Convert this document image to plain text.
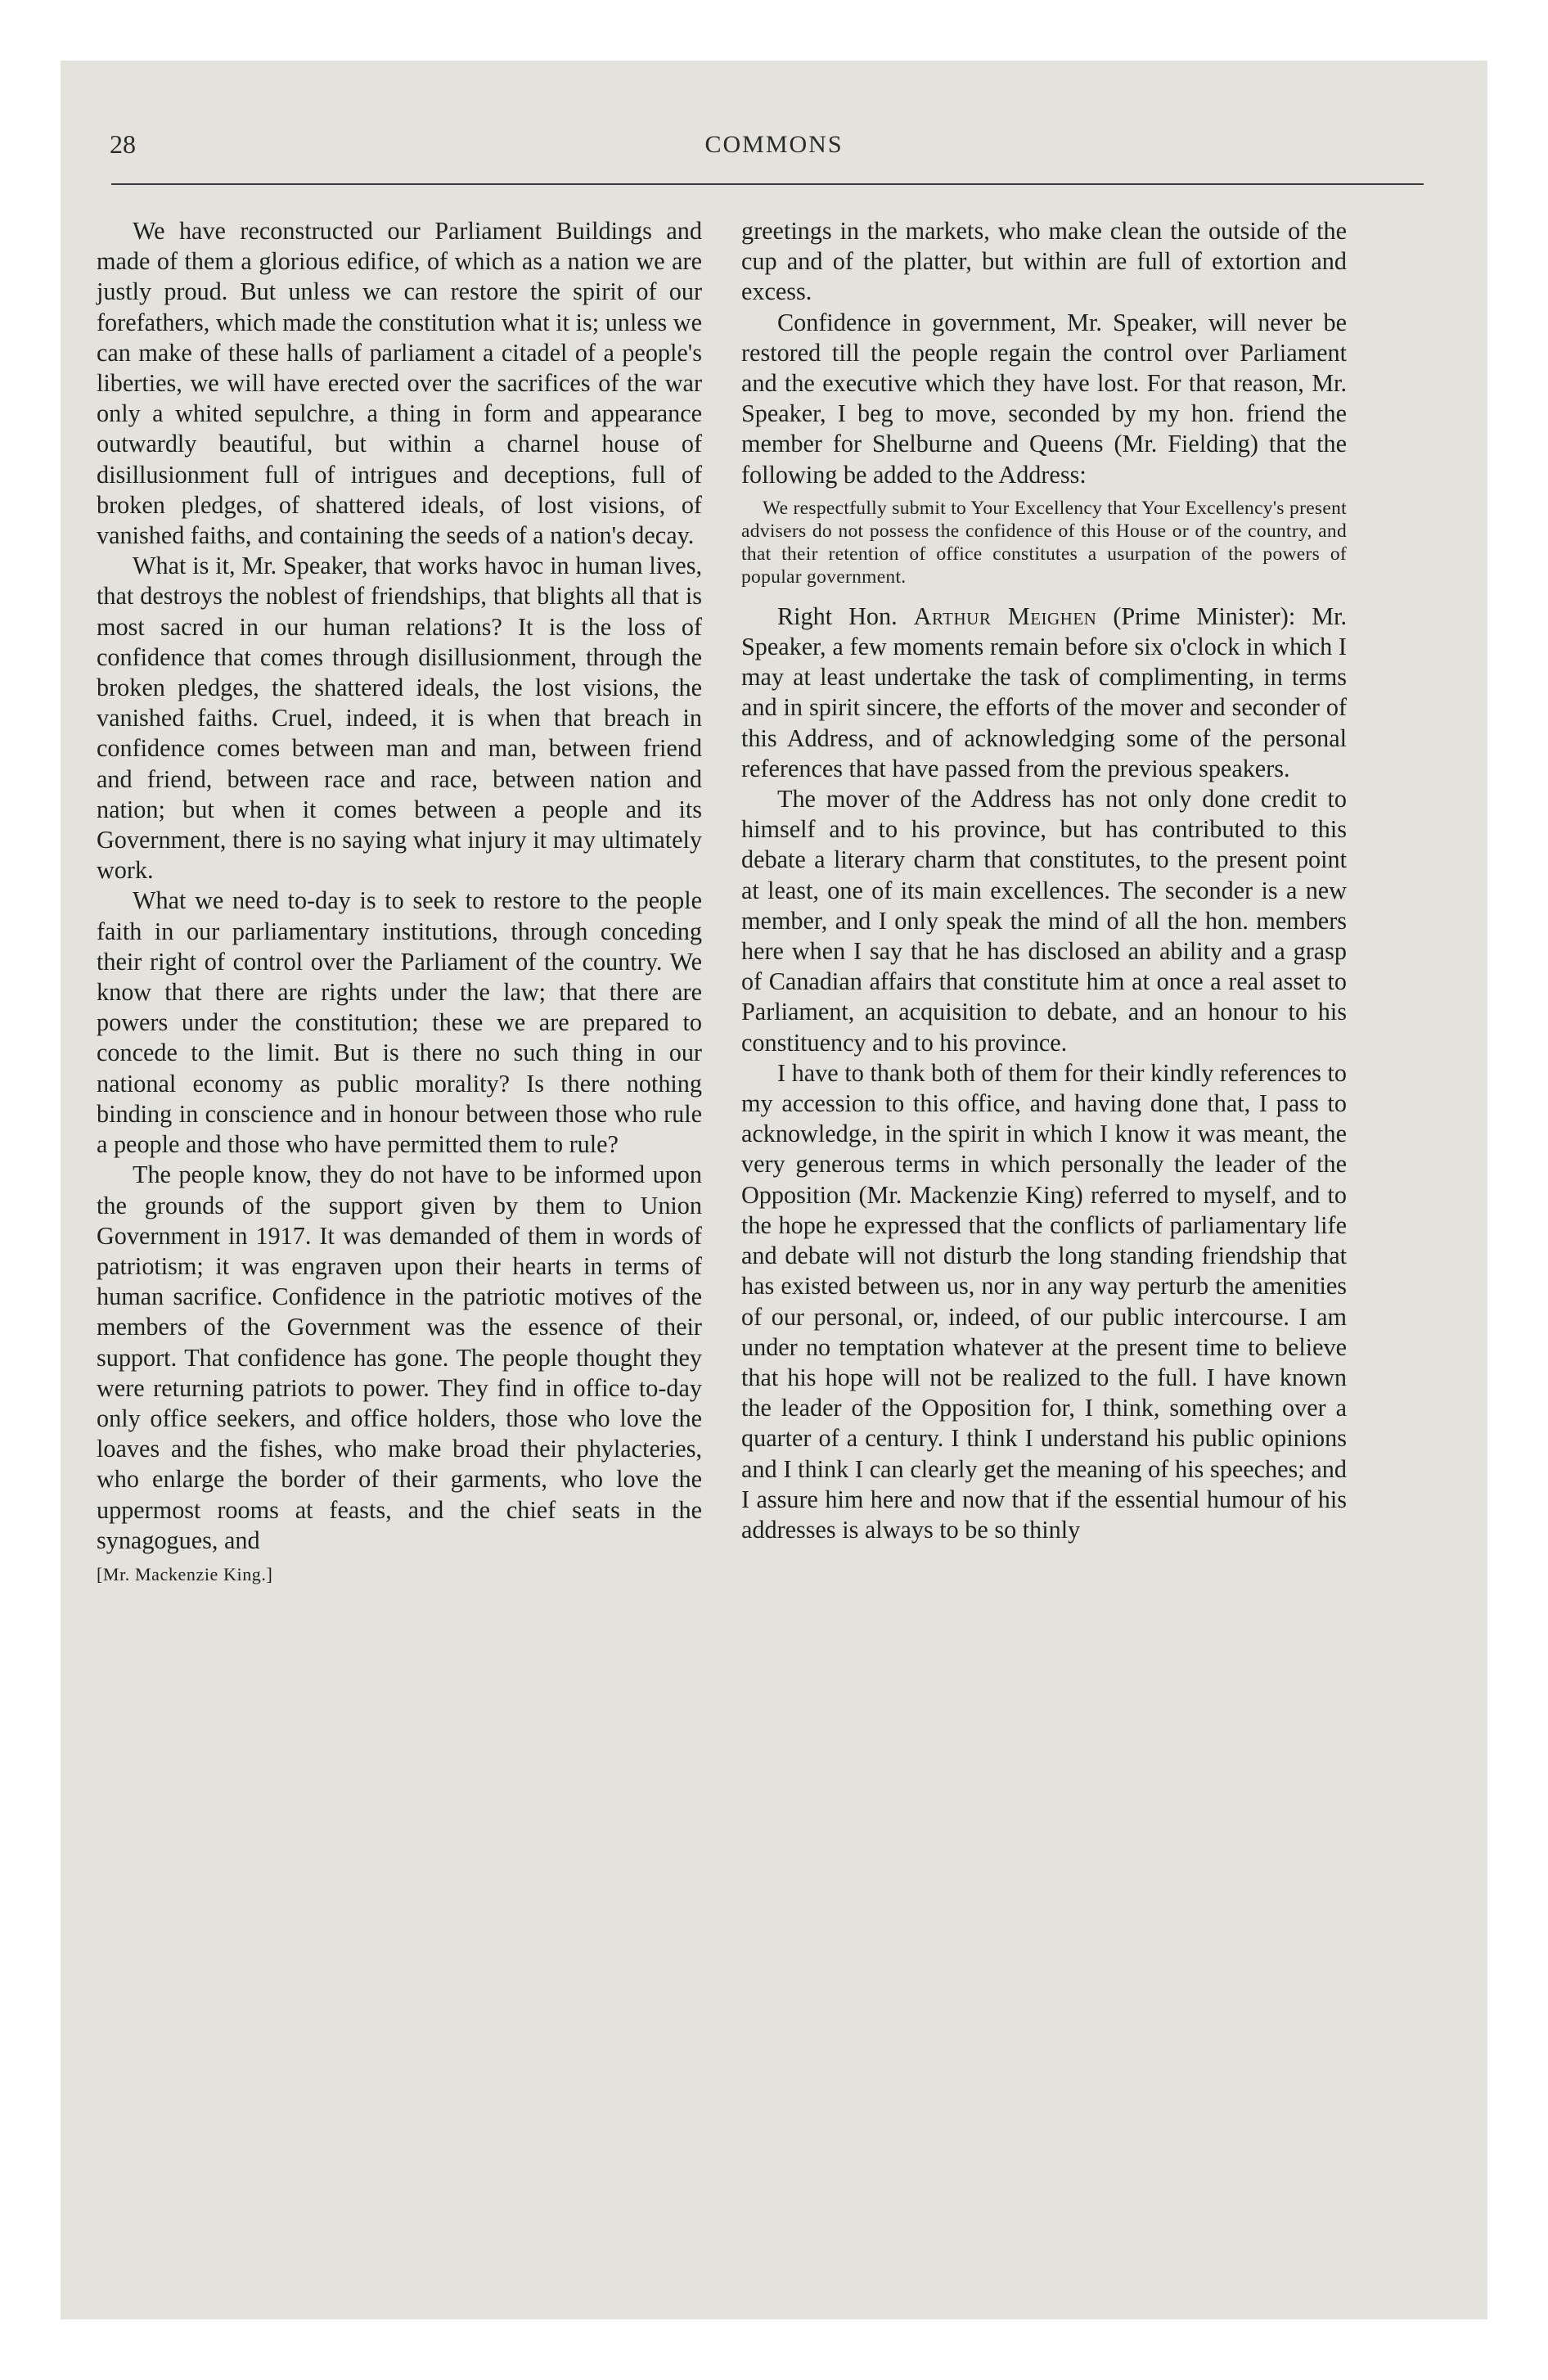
28	COMMONS

We have reconstructed our Parliament Buildings and made of them a glorious edifice, of which as a nation we are justly proud. But unless we can restore the spirit of our forefathers, which made the constitution what it is; unless we can make of these halls of parliament a citadel of a people's liberties, we will have erected over the sacrifices of the war only a whited sepulchre, a thing in form and appearance outwardly beautiful, but within a charnel house of disillusionment full of intrigues and deceptions, full of broken pledges, of shattered ideals, of lost visions, of vanished faiths, and containing the seeds of a nation's decay.

What is it, Mr. Speaker, that works havoc in human lives, that destroys the noblest of friendships, that blights all that is most sacred in our human relations? It is the loss of confidence that comes through disillusionment, through the broken pledges, the shattered ideals, the lost visions, the vanished faiths. Cruel, indeed, it is when that breach in confidence comes between man and man, between friend and friend, between race and race, between nation and nation; but when it comes between a people and its Government, there is no saying what injury it may ultimately work.

What we need to-day is to seek to restore to the people faith in our parliamentary institutions, through conceding their right of control over the Parliament of the country. We know that there are rights under the law; that there are powers under the constitution; these we are prepared to concede to the limit. But is there no such thing in our national economy as public morality? Is there nothing binding in conscience and in honour between those who rule a people and those who have permitted them to rule?

The people know, they do not have to be informed upon the grounds of the support given by them to Union Government in 1917. It was demanded of them in words of patriotism; it was engraven upon their hearts in terms of human sacrifice. Confidence in the patriotic motives of the members of the Government was the essence of their support. That confidence has gone. The people thought they were returning patriots to power. They find in office to-day only office seekers, and office holders, those who love the loaves and the fishes, who make broad their phylacteries, who enlarge the border of their garments, who love the uppermost rooms at feasts, and the chief seats in the synagogues, and

[Mr. Mackenzie King.]

greetings in the markets, who make clean the outside of the cup and of the platter, but within are full of extortion and excess.

Confidence in government, Mr. Speaker, will never be restored till the people regain the control over Parliament and the executive which they have lost. For that reason, Mr. Speaker, I beg to move, seconded by my hon. friend the member for Shelburne and Queens (Mr. Fielding) that the following be added to the Address:

We respectfully submit to Your Excellency that Your Excellency's present advisers do not possess the confidence of this House or of the country, and that their retention of office constitutes a usurpation of the powers of popular government.

Right Hon. Arthur Meighen (Prime Minister): Mr. Speaker, a few moments remain before six o'clock in which I may at least undertake the task of complimenting, in terms and in spirit sincere, the efforts of the mover and seconder of this Address, and of acknowledging some of the personal references that have passed from the previous speakers.

The mover of the Address has not only done credit to himself and to his province, but has contributed to this debate a literary charm that constitutes, to the present point at least, one of its main excellences. The seconder is a new member, and I only speak the mind of all the hon. members here when I say that he has disclosed an ability and a grasp of Canadian affairs that constitute him at once a real asset to Parliament, an acquisition to debate, and an honour to his constituency and to his province.

I have to thank both of them for their kindly references to my accession to this office, and having done that, I pass to acknowledge, in the spirit in which I know it was meant, the very generous terms in which personally the leader of the Opposition (Mr. Mackenzie King) referred to myself, and to the hope he expressed that the conflicts of parliamentary life and debate will not disturb the long standing friendship that has existed between us, nor in any way perturb the amenities of our personal, or, indeed, of our public intercourse. I am under no temptation whatever at the present time to believe that his hope will not be realized to the full. I have known the leader of the Opposition for, I think, something over a quarter of a century. I think I understand his public opinions and I think I can clearly get the meaning of his speeches; and I assure him here and now that if the essential humour of his addresses is always to be so thinly
